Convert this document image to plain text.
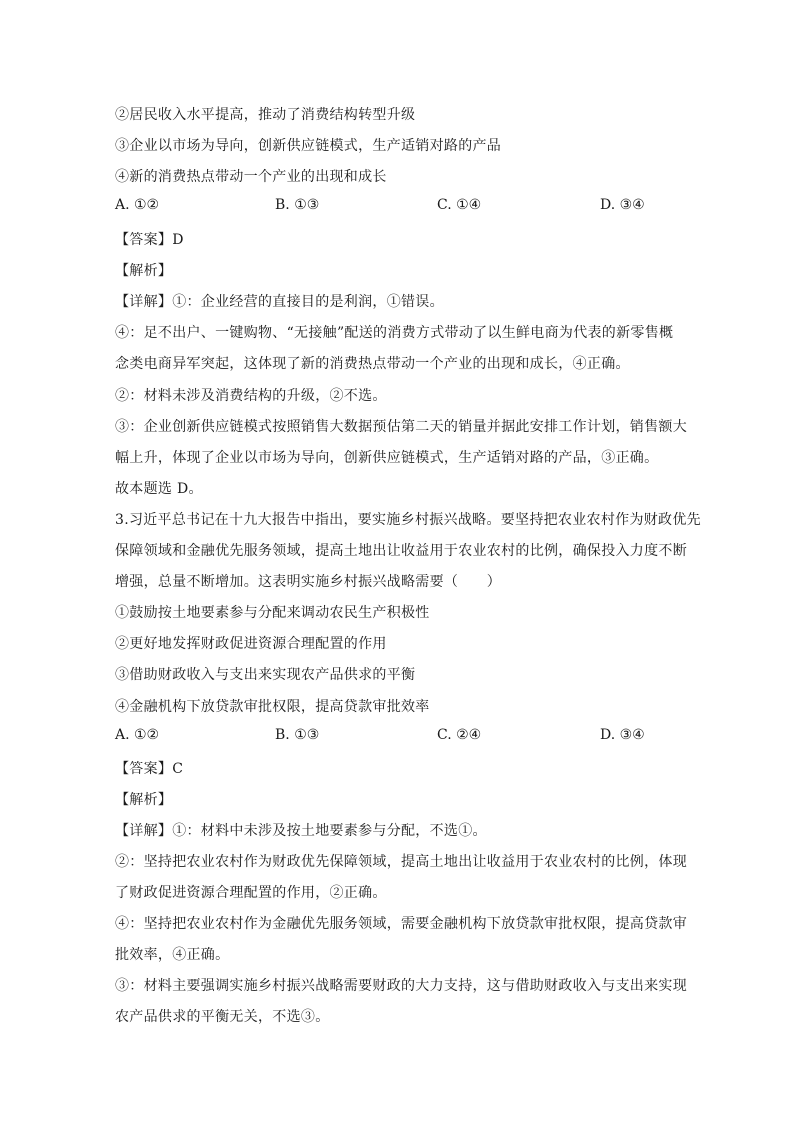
②居民收入水平提高，推动了消费结构转型升级
③企业以市场为导向，创新供应链模式，生产适销对路的产品
④新的消费热点带动一个产业的出现和成长
A. ①②	B. ①③	C. ①④	D. ③④
【答案】D
【解析】
【详解】①：企业经营的直接目的是利润，①错误。
④：足不出户、一键购物、“无接触”配送的消费方式带动了以生鲜电商为代表的新零售概
念类电商异军突起，这体现了新的消费热点带动一个产业的出现和成长，④正确。
②：材料未涉及消费结构的升级，②不选。
③：企业创新供应链模式按照销售大数据预估第二天的销量并据此安排工作计划，销售额大
幅上升，体现了企业以市场为导向，创新供应链模式，生产适销对路的产品，③正确。
故本题选 D。
3.习近平总书记在十九大报告中指出，要实施乡村振兴战略。要坚持把农业农村作为财政优先
保障领域和金融优先服务领域，提高土地出让收益用于农业农村的比例，确保投入力度不断
增强，总量不断增加。这表明实施乡村振兴战略需要（　　）
①鼓励按土地要素参与分配来调动农民生产积极性
②更好地发挥财政促进资源合理配置的作用
③借助财政收入与支出来实现农产品供求的平衡
④金融机构下放贷款审批权限，提高贷款审批效率
A. ①②	B. ①③	C. ②④	D. ③④
【答案】C
【解析】
【详解】①：材料中未涉及按土地要素参与分配，不选①。
②：坚持把农业农村作为财政优先保障领域，提高土地出让收益用于农业农村的比例，体现
了财政促进资源合理配置的作用，②正确。
④：坚持把农业农村作为金融优先服务领域，需要金融机构下放贷款审批权限，提高贷款审
批效率，④正确。
③：材料主要强调实施乡村振兴战略需要财政的大力支持，这与借助财政收入与支出来实现
农产品供求的平衡无关，不选③。
